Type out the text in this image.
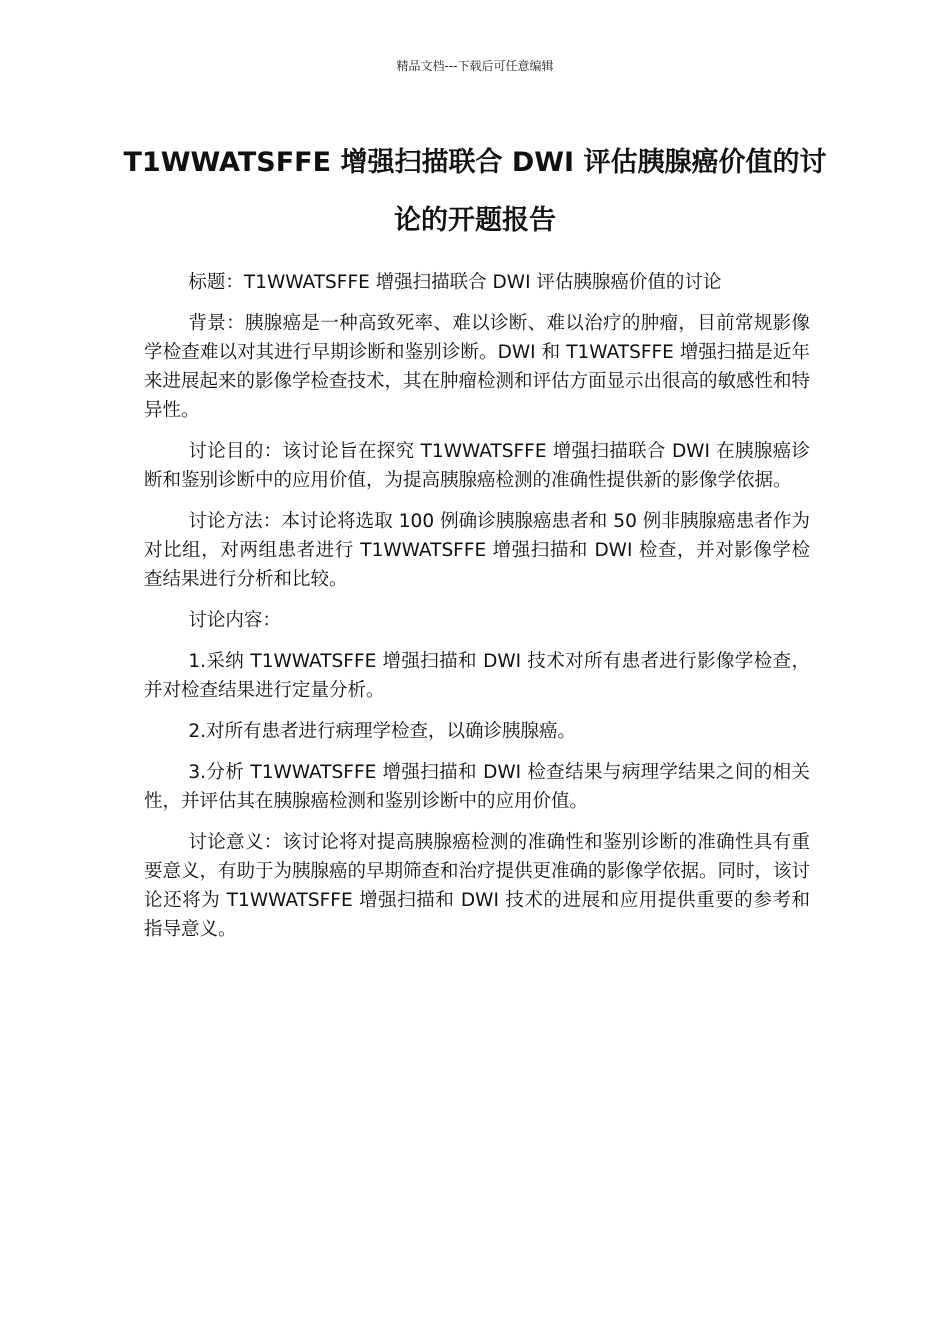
精品文档---下载后可任意编辑
T1WWATSFFE 增强扫描联合 DWI 评估胰腺癌价值的讨论的开题报告

标题：T1WWATSFFE 增强扫描联合 DWI 评估胰腺癌价值的讨论

背景：胰腺癌是一种高致死率、难以诊断、难以治疗的肿瘤，目前常规影像学检查难以对其进行早期诊断和鉴别诊断。DWI 和 T1WATSFFE 增强扫描是近年来进展起来的影像学检查技术，其在肿瘤检测和评估方面显示出很高的敏感性和特异性。

讨论目的：该讨论旨在探究 T1WWATSFFE 增强扫描联合 DWI 在胰腺癌诊断和鉴别诊断中的应用价值，为提高胰腺癌检测的准确性提供新的影像学依据。

讨论方法：本讨论将选取 100 例确诊胰腺癌患者和 50 例非胰腺癌患者作为对比组，对两组患者进行 T1WWATSFFE 增强扫描和 DWI 检查，并对影像学检查结果进行分析和比较。

讨论内容：

1.采纳 T1WWATSFFE 增强扫描和 DWI 技术对所有患者进行影像学检查，并对检查结果进行定量分析。

2.对所有患者进行病理学检查，以确诊胰腺癌。

3.分析 T1WWATSFFE 增强扫描和 DWI 检查结果与病理学结果之间的相关性，并评估其在胰腺癌检测和鉴别诊断中的应用价值。

讨论意义：该讨论将对提高胰腺癌检测的准确性和鉴别诊断的准确性具有重要意义，有助于为胰腺癌的早期筛查和治疗提供更准确的影像学依据。同时，该讨论还将为 T1WWATSFFE 增强扫描和 DWI 技术的进展和应用提供重要的参考和指导意义。
